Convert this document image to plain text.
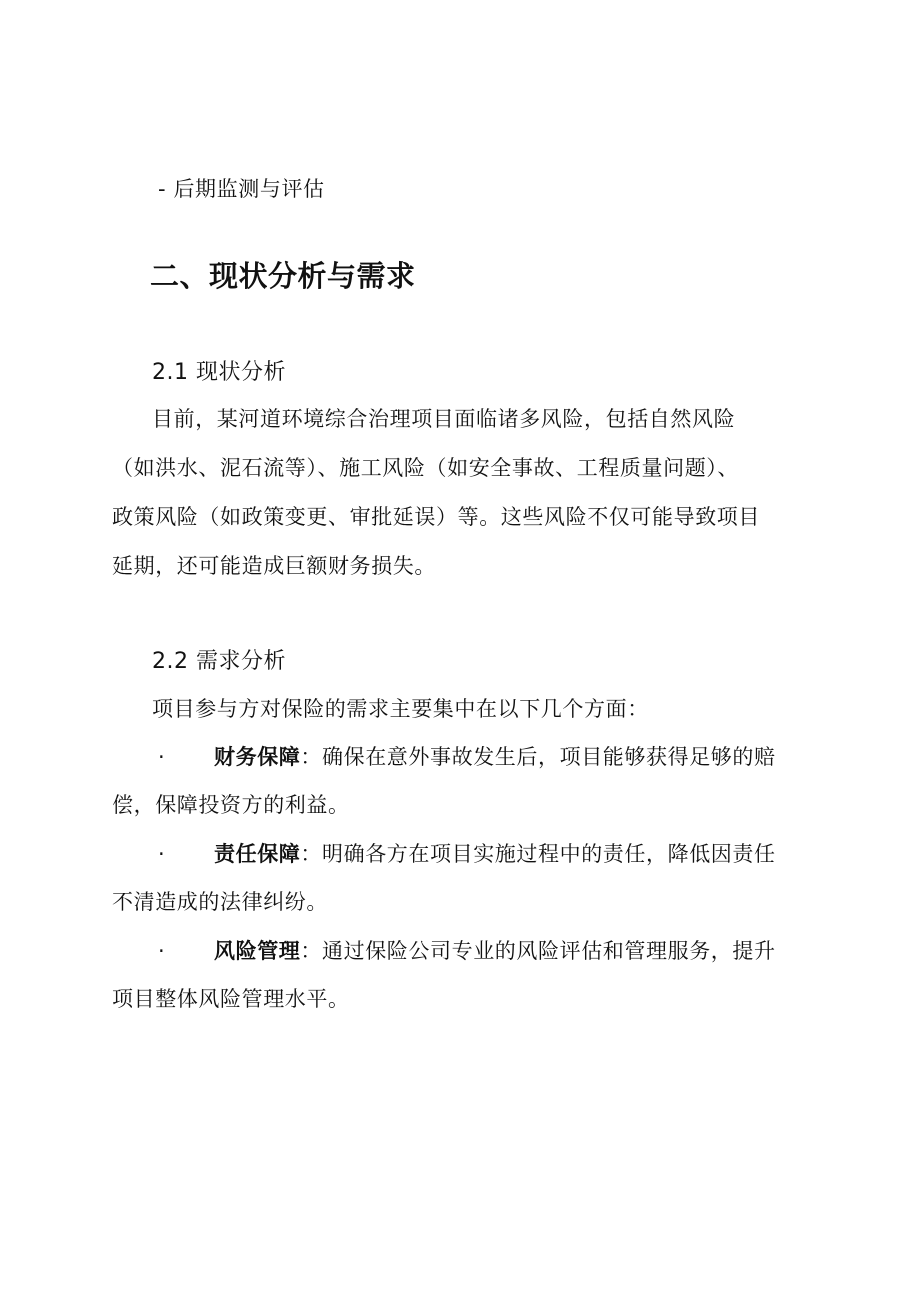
- 后期监测与评估
二、现状分析与需求
2.1 现状分析
目前，某河道环境综合治理项目面临诸多风险，包括自然风险
（如洪水、泥石流等）、施工风险（如安全事故、工程质量问题）、
政策风险（如政策变更、审批延误）等。这些风险不仅可能导致项目
延期，还可能造成巨额财务损失。
2.2 需求分析
项目参与方对保险的需求主要集中在以下几个方面：
· 财务保障：确保在意外事故发生后，项目能够获得足够的赔
偿，保障投资方的利益。
· 责任保障：明确各方在项目实施过程中的责任，降低因责任
不清造成的法律纠纷。
· 风险管理：通过保险公司专业的风险评估和管理服务，提升
项目整体风险管理水平。
